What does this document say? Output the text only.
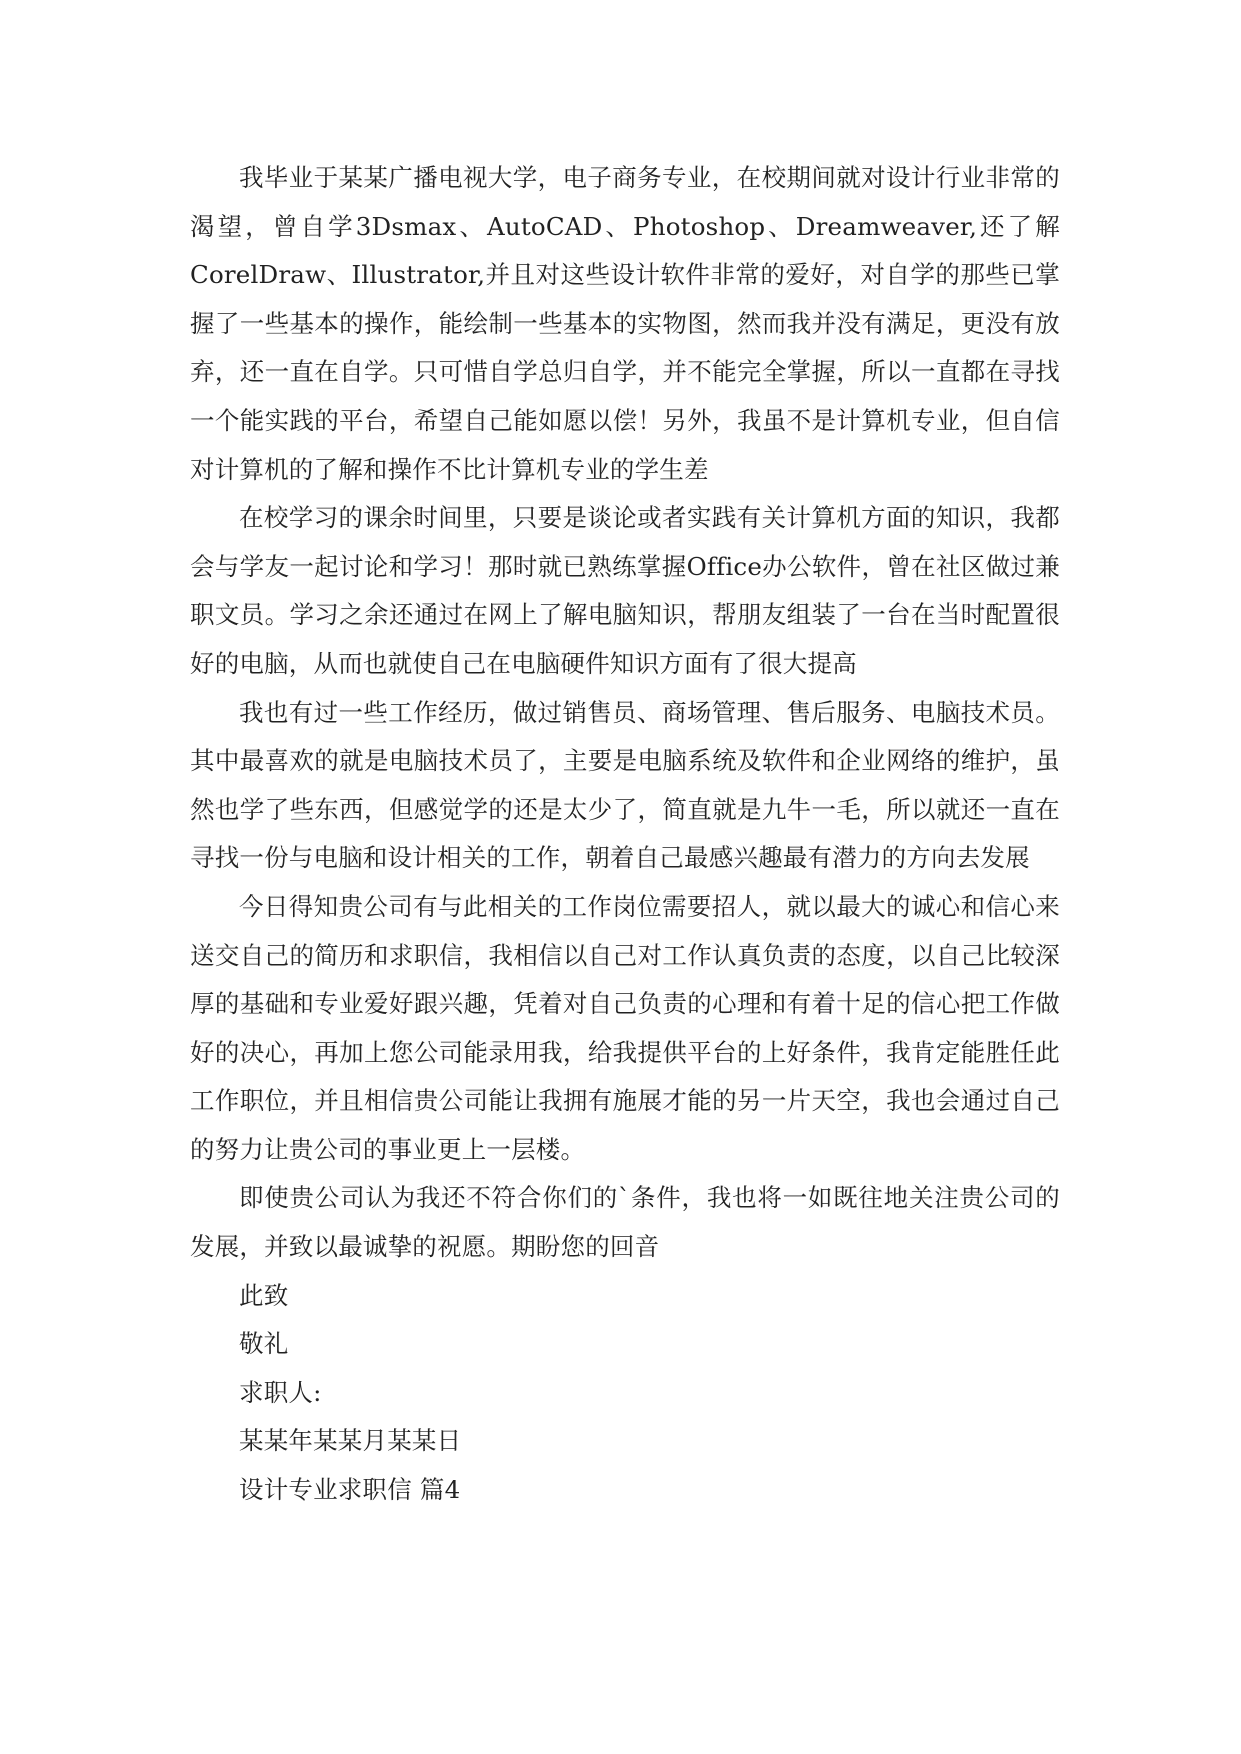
我毕业于某某广播电视大学，电子商务专业，在校期间就对设计行业非常的渴望，曾自学3Dsmax、AutoCAD、Photoshop、Dreamweaver,还了解CorelDraw、Illustrator,并且对这些设计软件非常的爱好，对自学的那些已掌握了一些基本的操作，能绘制一些基本的实物图，然而我并没有满足，更没有放弃，还一直在自学。只可惜自学总归自学，并不能完全掌握，所以一直都在寻找一个能实践的平台，希望自己能如愿以偿！另外，我虽不是计算机专业，但自信对计算机的了解和操作不比计算机专业的学生差

在校学习的课余时间里，只要是谈论或者实践有关计算机方面的知识，我都会与学友一起讨论和学习！那时就已熟练掌握Office办公软件，曾在社区做过兼职文员。学习之余还通过在网上了解电脑知识，帮朋友组装了一台在当时配置很好的电脑，从而也就使自己在电脑硬件知识方面有了很大提高

我也有过一些工作经历，做过销售员、商场管理、售后服务、电脑技术员。其中最喜欢的就是电脑技术员了，主要是电脑系统及软件和企业网络的维护，虽然也学了些东西，但感觉学的还是太少了，简直就是九牛一毛，所以就还一直在寻找一份与电脑和设计相关的工作，朝着自己最感兴趣最有潜力的方向去发展

今日得知贵公司有与此相关的工作岗位需要招人，就以最大的诚心和信心来送交自己的简历和求职信，我相信以自己对工作认真负责的态度，以自己比较深厚的基础和专业爱好跟兴趣，凭着对自己负责的心理和有着十足的信心把工作做好的决心，再加上您公司能录用我，给我提供平台的上好条件，我肯定能胜任此工作职位，并且相信贵公司能让我拥有施展才能的另一片天空，我也会通过自己的努力让贵公司的事业更上一层楼。

即使贵公司认为我还不符合你们的`条件，我也将一如既往地关注贵公司的发展，并致以最诚挚的祝愿。期盼您的回音

此致

敬礼

求职人:

某某年某某月某某日

设计专业求职信 篇4
